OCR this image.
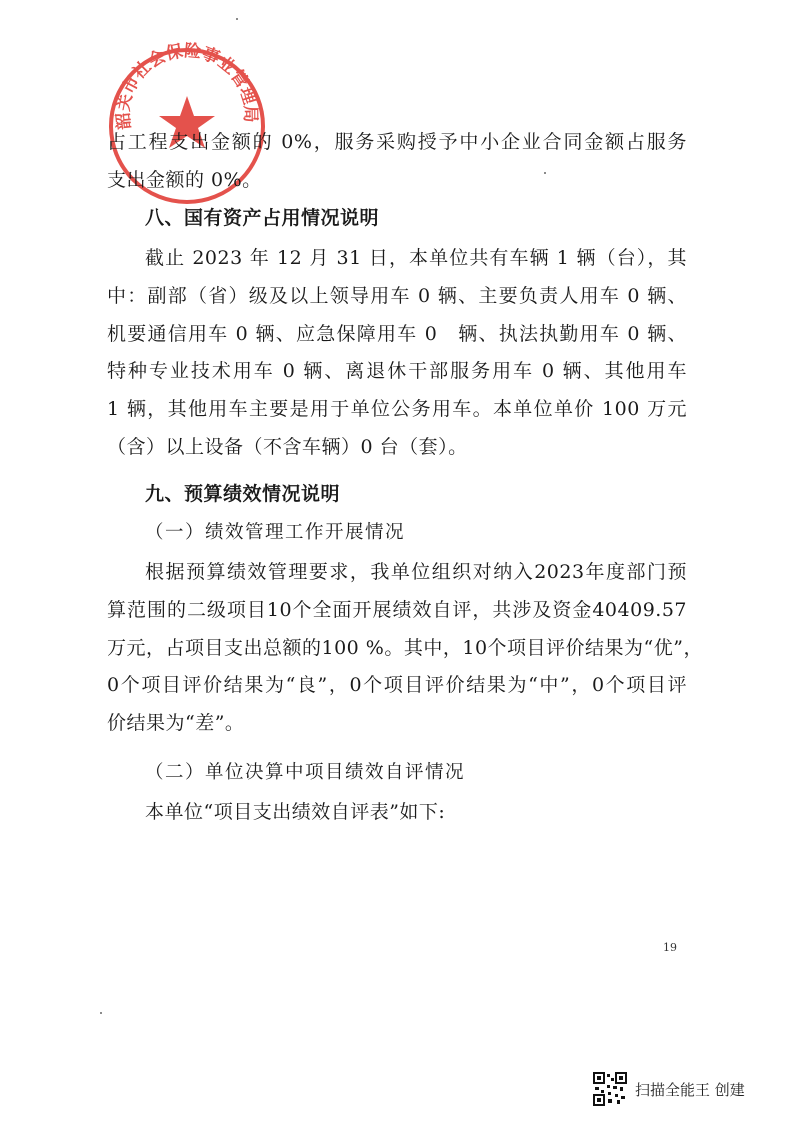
韶关市社会保险事业管理局
占工程支出金额的 0%，服务采购授予中小企业合同金额占服务
支出金额的 0%。
八、国有资产占用情况说明
截止 2023 年 12 月 31 日，本单位共有车辆 1 辆（台），其
中：副部（省）级及以上领导用车 0 辆、主要负责人用车 0 辆、
机要通信用车 0 辆、应急保障用车 0　辆、执法执勤用车 0 辆、
特种专业技术用车 0 辆、离退休干部服务用车 0 辆、其他用车
1 辆，其他用车主要是用于单位公务用车。本单位单价 100 万元
（含）以上设备（不含车辆）0 台（套）。
九、预算绩效情况说明
（一）绩效管理工作开展情况
根据预算绩效管理要求，我单位组织对纳入2023年度部门预
算范围的二级项目10个全面开展绩效自评，共涉及资金40409.57
万元，占项目支出总额的100 %。其中，10个项目评价结果为“优”，
0个项目评价结果为“良”，0个项目评价结果为“中”，0个项目评
价结果为“差”。
（二）单位决算中项目绩效自评情况
本单位“项目支出绩效自评表”如下:
19
扫描全能王 创建
